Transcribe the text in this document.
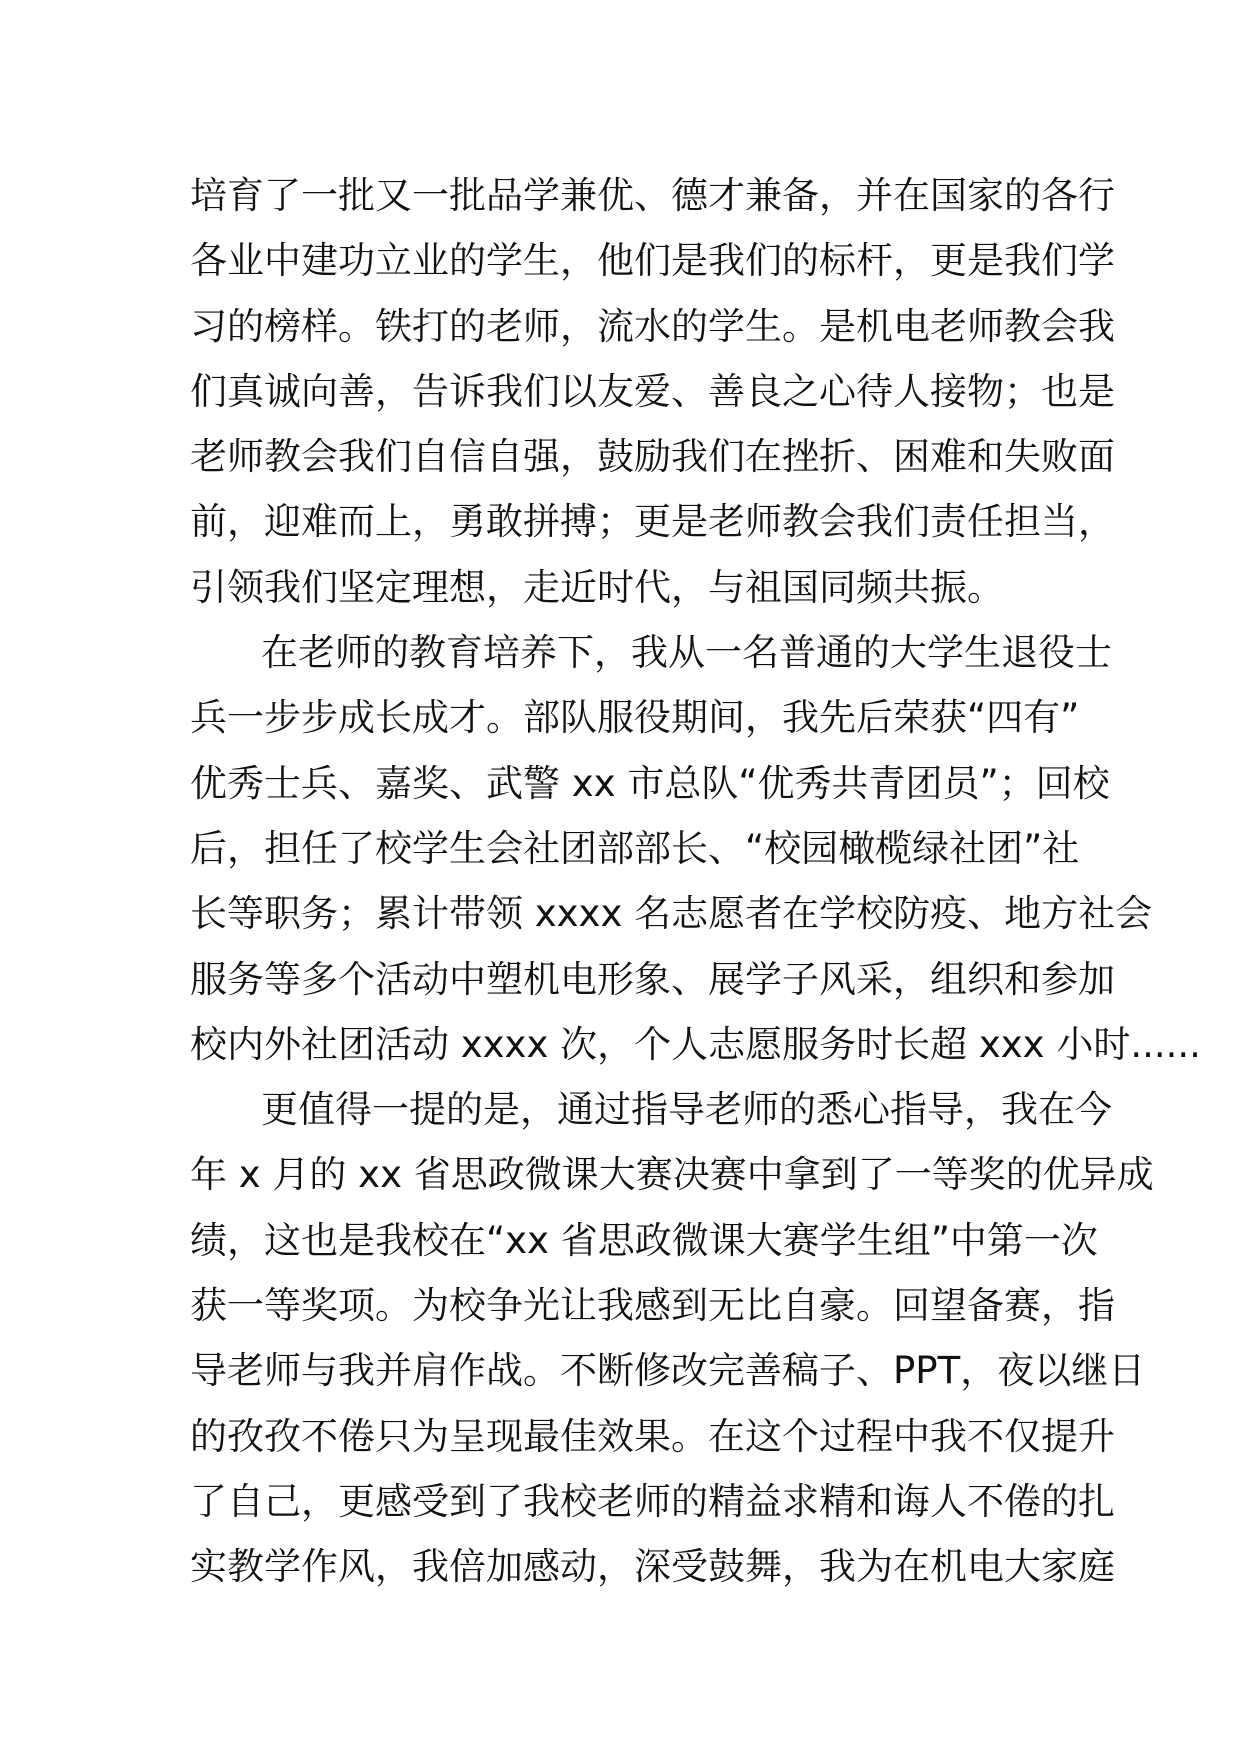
培育了一批又一批品学兼优、德才兼备，并在国家的各行
各业中建功立业的学生，他们是我们的标杆，更是我们学
习的榜样。铁打的老师，流水的学生。是机电老师教会我
们真诚向善，告诉我们以友爱、善良之心待人接物；也是
老师教会我们自信自强，鼓励我们在挫折、困难和失败面
前，迎难而上，勇敢拼搏；更是老师教会我们责任担当，
引领我们坚定理想，走近时代，与祖国同频共振。
在老师的教育培养下，我从一名普通的大学生退役士
兵一步步成长成才。部队服役期间，我先后荣获“四有”
优秀士兵、嘉奖、武警 xx 市总队“优秀共青团员”；回校
后，担任了校学生会社团部部长、“校园橄榄绿社团”社
长等职务；累计带领 xxxx 名志愿者在学校防疫、地方社会
服务等多个活动中塑机电形象、展学子风采，组织和参加
校内外社团活动 xxxx 次，个人志愿服务时长超 xxx 小时......
更值得一提的是，通过指导老师的悉心指导，我在今
年 x 月的 xx 省思政微课大赛决赛中拿到了一等奖的优异成
绩，这也是我校在“xx 省思政微课大赛学生组”中第一次
获一等奖项。为校争光让我感到无比自豪。回望备赛，指
导老师与我并肩作战。不断修改完善稿子、PPT，夜以继日
的孜孜不倦只为呈现最佳效果。在这个过程中我不仅提升
了自己，更感受到了我校老师的精益求精和诲人不倦的扎
实教学作风，我倍加感动，深受鼓舞，我为在机电大家庭
